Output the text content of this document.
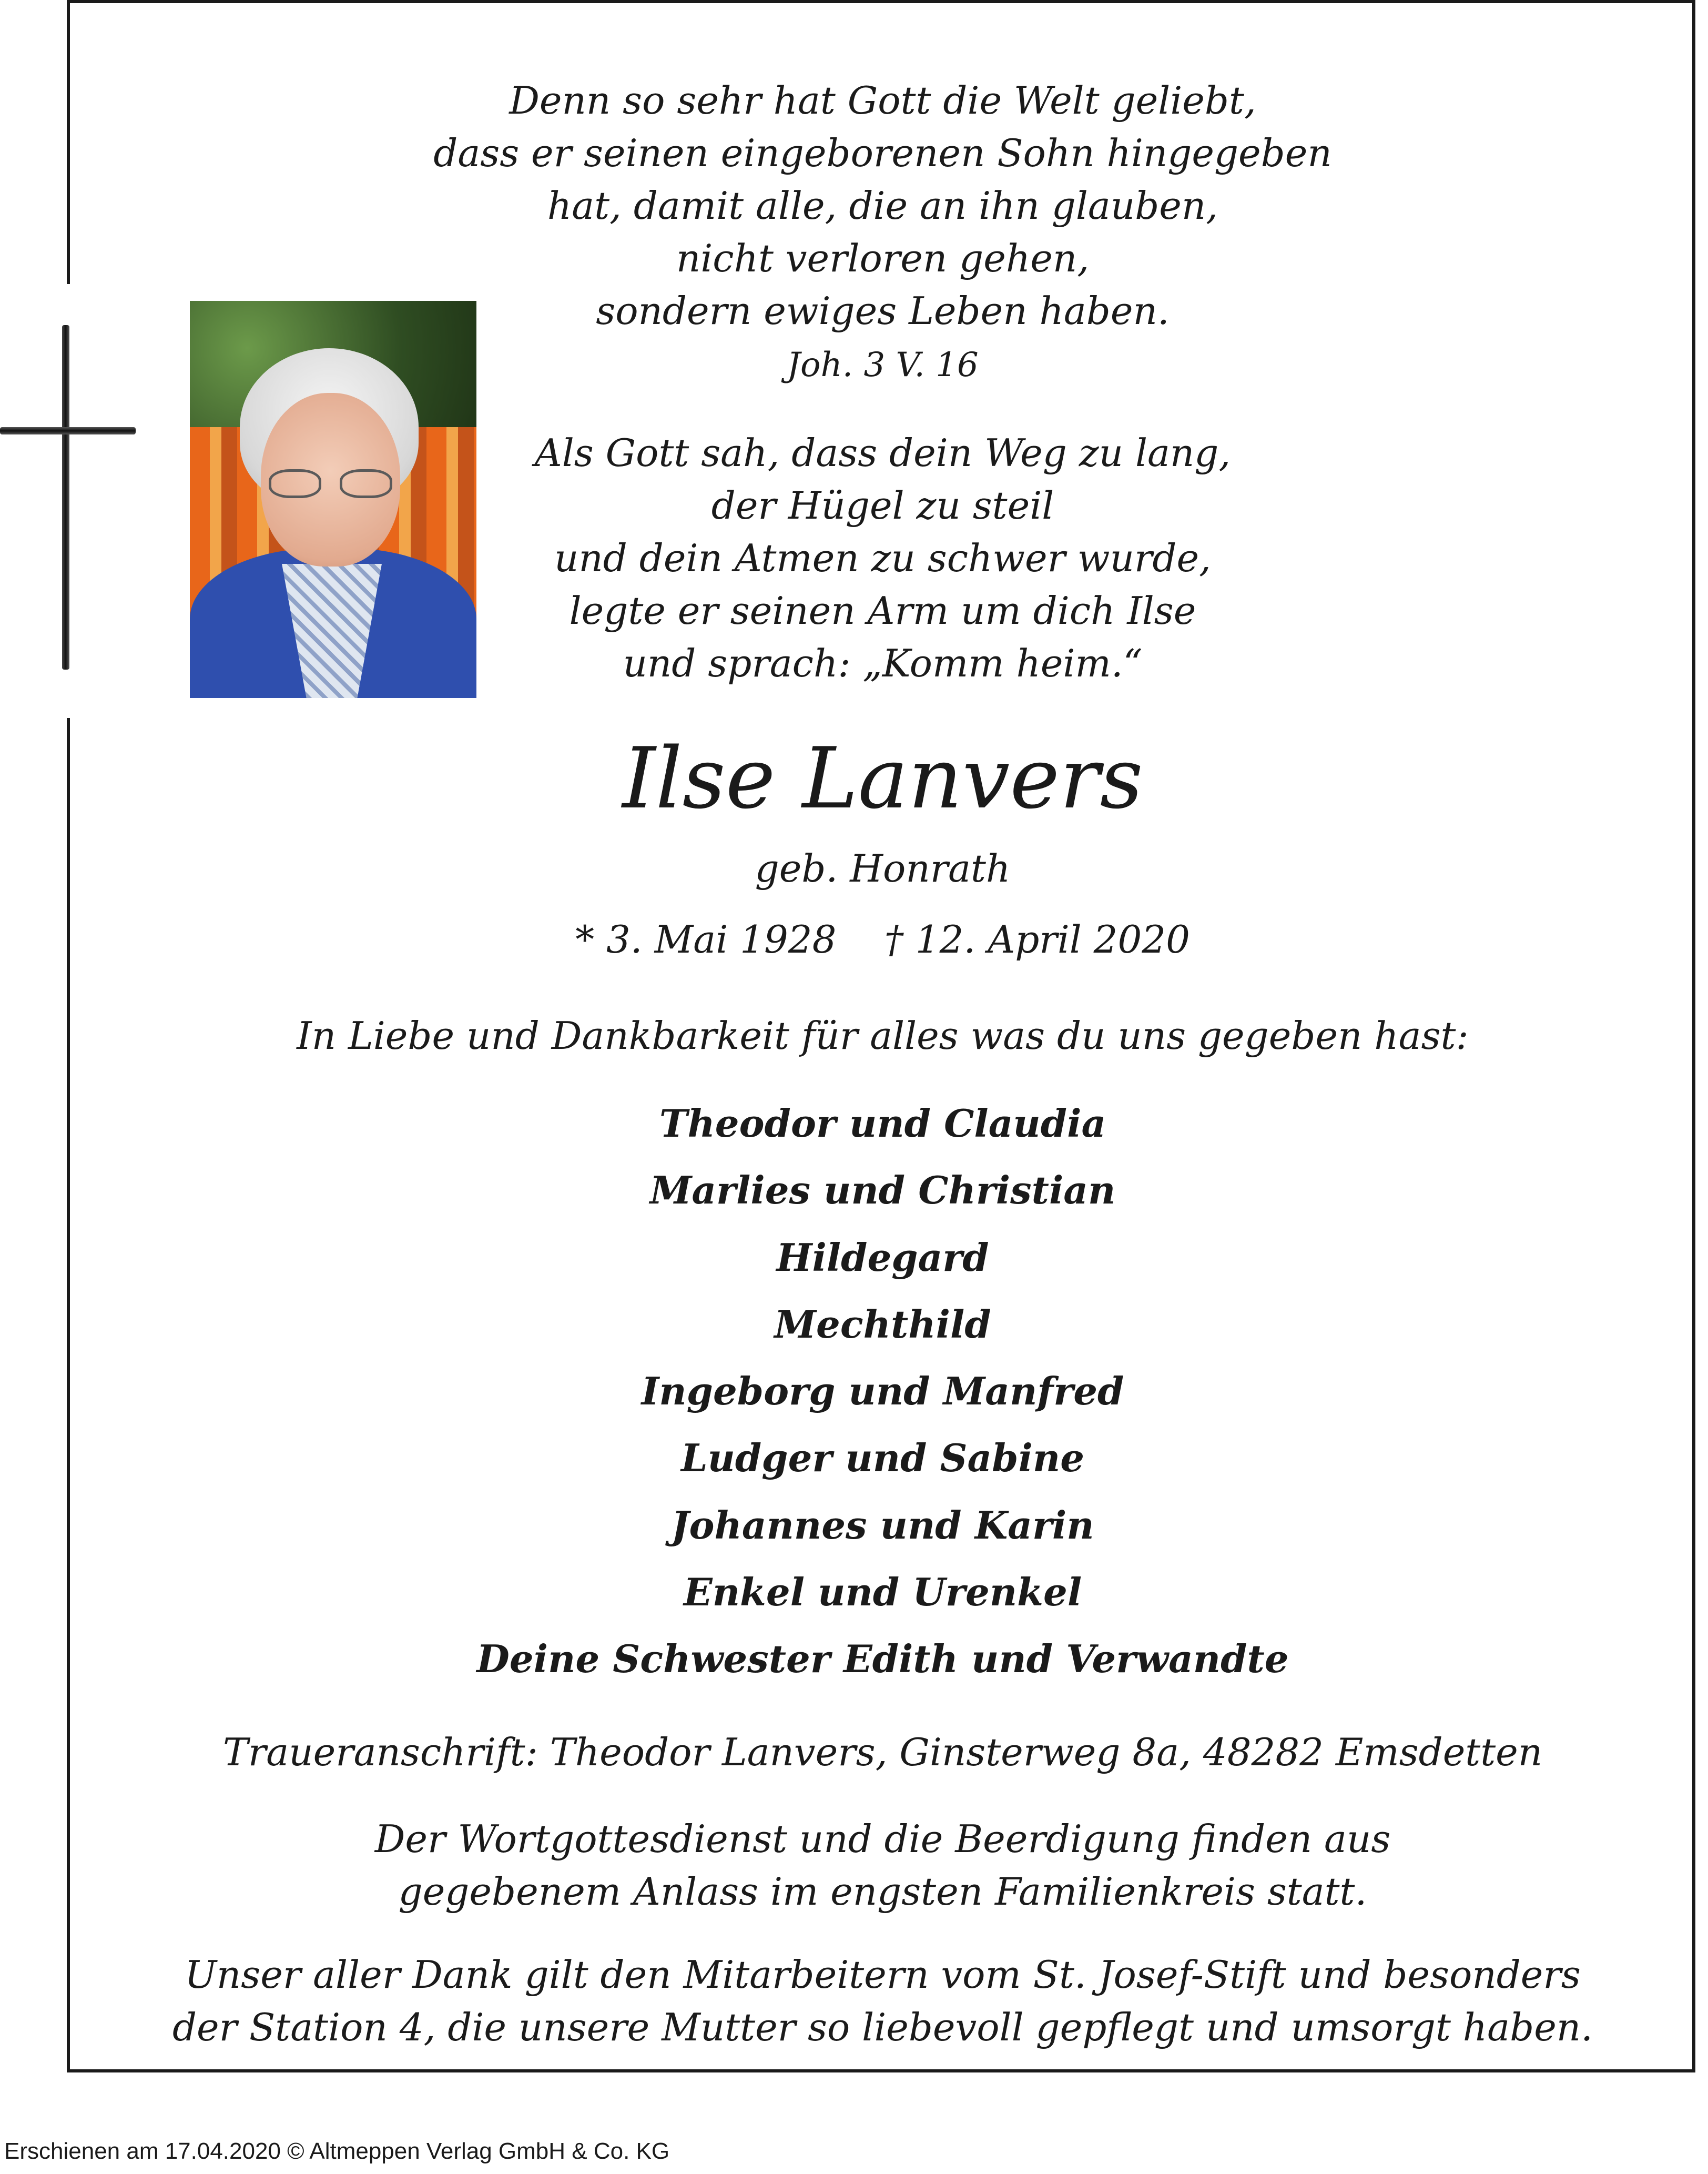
Denn so sehr hat Gott die Welt geliebt,
dass er seinen eingeborenen Sohn hingegeben
hat, damit alle, die an ihn glauben,
nicht verloren gehen,
sondern ewiges Leben haben.
Joh. 3 V. 16
Als Gott sah, dass dein Weg zu lang,
der Hügel zu steil
und dein Atmen zu schwer wurde,
legte er seinen Arm um dich Ilse
und sprach: „Komm heim.“
Ilse Lanvers
geb. Honrath
* 3. Mai 1928    † 12. April 2020
In Liebe und Dankbarkeit für alles was du uns gegeben hast:
Theodor und Claudia
Marlies und Christian
Hildegard
Mechthild
Ingeborg und Manfred
Ludger und Sabine
Johannes und Karin
Enkel und Urenkel
Deine Schwester Edith und Verwandte
Traueranschrift: Theodor Lanvers, Ginsterweg 8a, 48282 Emsdetten
Der Wortgottesdienst und die Beerdigung finden aus
gegebenem Anlass im engsten Familienkreis statt.
Unser aller Dank gilt den Mitarbeitern vom St. Josef-Stift und besonders
der Station 4, die unsere Mutter so liebevoll gepflegt und umsorgt haben.
Erschienen am 17.04.2020 © Altmeppen Verlag GmbH & Co. KG
